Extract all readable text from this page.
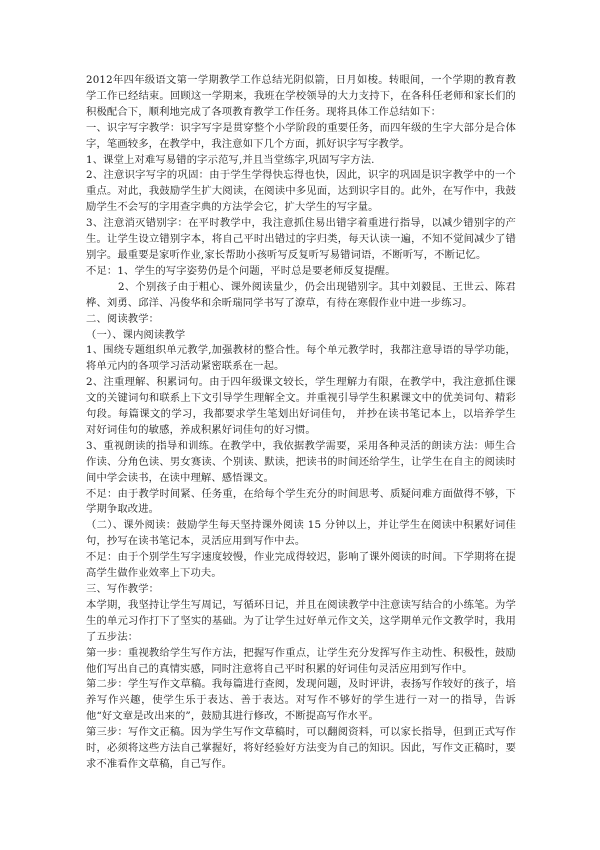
2012年四年级语文第一学期教学工作总结光阴似箭，日月如梭。转眼间，一个学期的教育教学工作已经结束。回顾这一学期来，我班在学校领导的大力支持下，在各科任老师和家长们的积极配合下，顺利地完成了各项教育教学工作任务。现将具体工作总结如下：

一、识字写字教学：识字写字是贯穿整个小学阶段的重要任务，而四年级的生字大部分是合体字，笔画较多，在教学中，我注意如下几个方面，抓好识字写字教学。

1、课堂上对难写易错的字示范写,并且当堂练字,巩固写字方法.

2、注意识字写字的巩固：由于学生学得快忘得也快，因此，识字的巩固是识字教学中的一个重点。对此，我鼓励学生扩大阅读，在阅读中多见面，达到识字目的。此外，在写作中，我鼓励学生不会写的字用查字典的方法学会它，扩大学生的写字量。

3、注意消灭错别字：在平时教学中，我注意抓住易出错字着重进行指导，以减少错别字的产生。让学生设立错别字本，将自己平时出错过的字归类，每天认读一遍，不知不觉间减少了错别字。最重要是家听作业,家长帮助小孩听写反复听写易错词语，不断听写，不断记忆。

不足：1、学生的写字姿势仍是个问题，平时总是要老师反复提醒。

2、个别孩子由于粗心、课外阅读量少，仍会出现错别字。其中刘毅昆、王世云、陈君桦、刘勇、邱洋、冯俊华和余昕瑞同学书写了潦草，有待在寒假作业中进一步练习。

二、阅读教学：

（一）、课内阅读教学

1、围绕专题组织单元教学,加强教材的整合性。每个单元教学时，我都注意导语的导学功能，将单元内的各项学习活动紧密联系在一起。

2、注重理解、积累词句。由于四年级课文较长，学生理解力有限，在教学中，我注意抓住课文的关键词句和联系上下文引导学生理解全文。并重视引导学生积累课文中的优美词句、精彩句段。每篇课文的学习，我都要求学生笔划出好词佳句， 并抄在读书笔记本上，以培养学生对好词佳句的敏感，养成积累好词佳句的好习惯。

3、重视朗读的指导和训练。在教学中，我依据教学需要，采用各种灵活的朗读方法：师生合作读、分角色读、男女赛读、个别读、默读，把读书的时间还给学生，让学生在自主的阅读时间中学会读书，在读中理解、感悟课文。

不足：由于教学时间紧、任务重，在给每个学生充分的时间思考、质疑问难方面做得不够，下学期争取改进。

（二）、课外阅读：鼓励学生每天坚持课外阅读 15 分钟以上，并让学生在阅读中积累好词佳句，抄写在读书笔记本，灵活应用到写作中去。

不足：由于个别学生写字速度较慢，作业完成得较迟，影响了课外阅读的时间。下学期将在提高学生做作业效率上下功夫。

三、写作教学：

本学期，我坚持让学生写周记，写循环日记，并且在阅读教学中注意读写结合的小练笔。为学生的单元习作打下了坚实的基础。为了让学生过好单元作文关，这学期单元作文教学时，我用了五步法：

第一步：重视教给学生写作方法，把握写作重点，让学生充分发挥写作主动性、积极性，鼓励他们写出自己的真情实感，同时注意将自己平时积累的好词佳句灵活应用到写作中。

第二步：学生写作文草稿。我每篇进行查阅，发现问题，及时评讲，表扬写作较好的孩子，培养写作兴趣，使学生乐于表达、善于表达。对写作不够好的学生进行一对一的指导，告诉他“好文章是改出来的”，鼓励其进行修改，不断提高写作水平。

第三步：写作文正稿。因为学生写作文草稿时，可以翻阅资料，可以家长指导，但到正式写作时，必须将这些方法自己掌握好，将好经验好方法变为自己的知识。因此，写作文正稿时，要求不准看作文草稿，自己写作。
